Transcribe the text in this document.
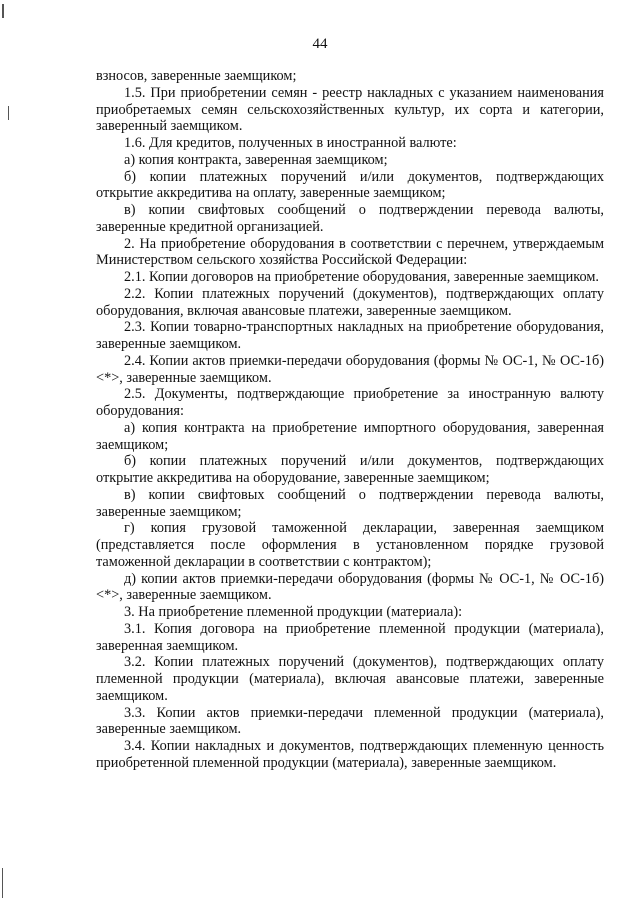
44

взносов, заверенные заемщиком;

1.5. При приобретении семян - реестр накладных с указанием наименования приобретаемых семян сельскохозяйственных культур, их сорта и категории, заверенный заемщиком.

1.6. Для кредитов, полученных в иностранной валюте:

а) копия контракта, заверенная заемщиком;

б) копии платежных поручений и/или документов, подтверждающих открытие аккредитива на оплату, заверенные заемщиком;

в) копии свифтовых сообщений о подтверждении перевода валюты, заверенные кредитной организацией.

2. На приобретение оборудования в соответствии с перечнем, утверждаемым Министерством сельского хозяйства Российской Федерации:

2.1. Копии договоров на приобретение оборудования, заверенные заемщиком.

2.2. Копии платежных поручений (документов), подтверждающих оплату оборудования, включая авансовые платежи, заверенные заемщиком.

2.3. Копии товарно-транспортных накладных на приобретение оборудования, заверенные заемщиком.

2.4. Копии актов приемки-передачи оборудования (формы № ОС-1, № ОС-1б) <*>, заверенные заемщиком.

2.5. Документы, подтверждающие приобретение за иностранную валюту оборудования:

а) копия контракта на приобретение импортного оборудования, заверенная заемщиком;

б) копии платежных поручений и/или документов, подтверждающих открытие аккредитива на оборудование, заверенные заемщиком;

в) копии свифтовых сообщений о подтверждении перевода валюты, заверенные заемщиком;

г) копия грузовой таможенной декларации, заверенная заемщиком (представляется после оформления в установленном порядке грузовой таможенной декларации в соответствии с контрактом);

д) копии актов приемки-передачи оборудования (формы № ОС-1, № ОС-1б) <*>, заверенные заемщиком.

3. На приобретение племенной продукции (материала):

3.1. Копия договора на приобретение племенной продукции (материала), заверенная заемщиком.

3.2. Копии платежных поручений (документов), подтверждающих оплату племенной продукции (материала), включая авансовые платежи, заверенные заемщиком.

3.3. Копии актов приемки-передачи племенной продукции (материала), заверенные заемщиком.

3.4. Копии накладных и документов, подтверждающих племенную ценность приобретенной племенной продукции (материала), заверенные заемщиком.
